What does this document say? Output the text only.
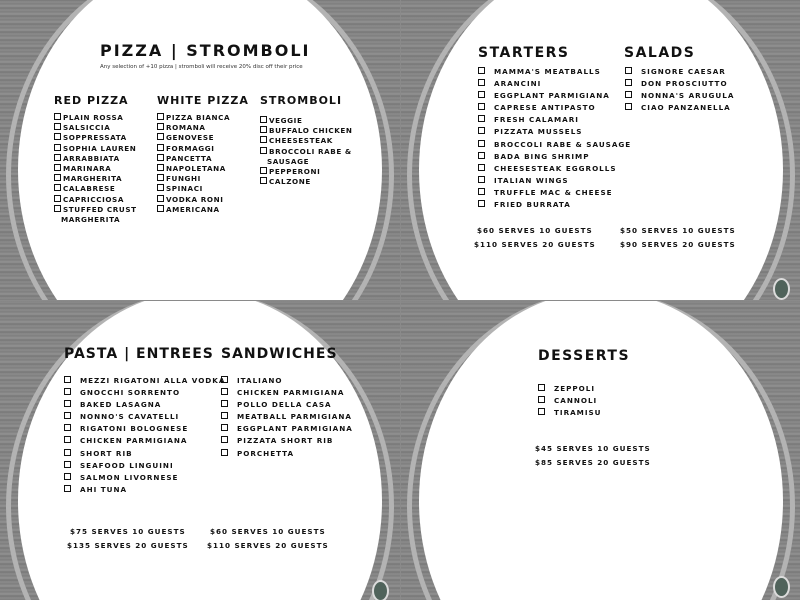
PIZZA | STROMBOLI
Any selection of +10 pizza | stromboli will receive 20% disc off their price
RED PIZZA
PLAIN ROSSA
SALSICCIA
SOPPRESSATA
SOPHIA LAUREN
ARRABBIATA
MARINARA
MARGHERITA
CALABRESE
CAPRICCIOSA
STUFFED CRUST MARGHERITA
WHITE PIZZA
PIZZA BIANCA
ROMANA
GENOVESE
FORMAGGI
PANCETTA
NAPOLETANA
FUNGHI
SPINACI
VODKA RONI
AMERICANA
STROMBOLI
VEGGIE
BUFFALO CHICKEN
CHEESESTEAK
BROCCOLI RABE & SAUSAGE
PEPPERONI
CALZONE
STARTERS	SALADS
MAMMA'S MEATBALLS
ARANCINI
EGGPLANT PARMIGIANA
CAPRESE ANTIPASTO
FRESH CALAMARI
PIZZATA MUSSELS
BROCCOLI RABE & SAUSAGE
BADA BING SHRIMP
CHEESESTEAK EGGROLLS
ITALIAN WINGS
TRUFFLE MAC & CHEESE
FRIED BURRATA
SIGNORE CAESAR
DON PROSCIUTTO
NONNA'S ARUGULA
CIAO PANZANELLA
$60 SERVES 10 GUESTS
$110 SERVES 20 GUESTS
$50 SERVES 10 GUESTS
$90 SERVES 20 GUESTS
PASTA | ENTREES SANDWICHES
MEZZI RIGATONI ALLA VODKA
GNOCCHI SORRENTO
BAKED LASAGNA
NONNO'S CAVATELLI
RIGATONI BOLOGNESE
CHICKEN PARMIGIANA
SHORT RIB
SEAFOOD LINGUINI
SALMON LIVORNESE
AHI TUNA
ITALIANO
CHICKEN PARMIGIANA
POLLO DELLA CASA
MEATBALL PARMIGIANA
EGGPLANT PARMIGIANA
PIZZATA SHORT RIB
PORCHETTA
$75 SERVES 10 GUESTS
$135 SERVES 20 GUESTS
$60 SERVES 10 GUESTS
$110 SERVES 20 GUESTS
DESSERTS
ZEPPOLI
CANNOLI
TIRAMISU
$45 SERVES 10 GUESTS
$85 SERVES 20 GUESTS
